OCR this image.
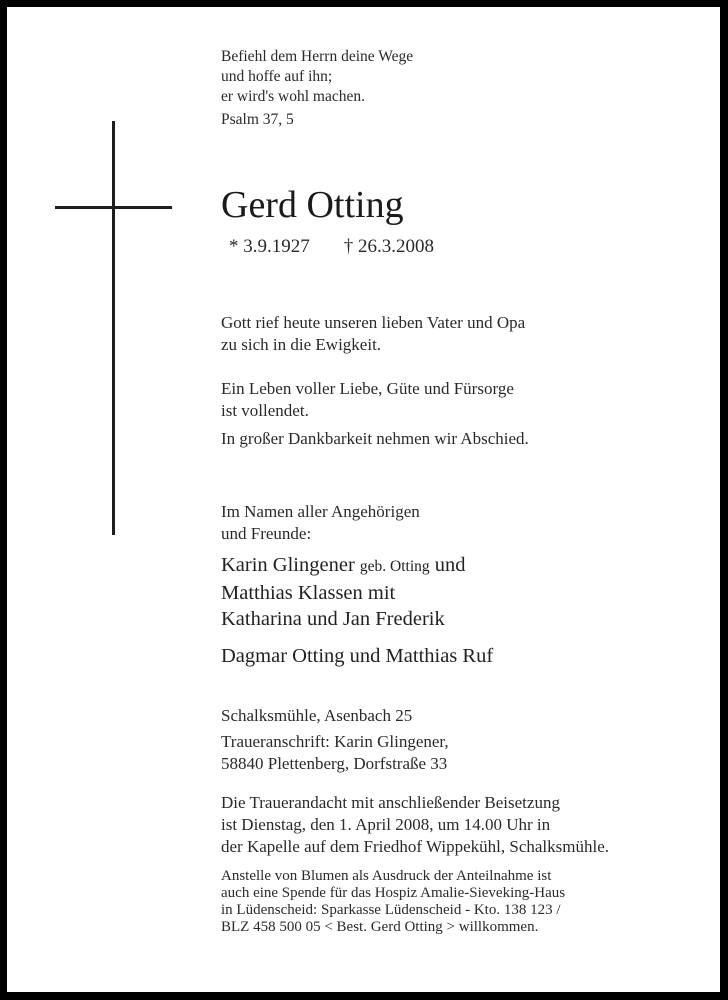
Befiehl dem Herrn deine Wege
und hoffe auf ihn;
er wird's wohl machen.
Psalm 37, 5
Gerd Otting
* 3.9.1927 † 26.3.2008
Gott rief heute unseren lieben Vater und Opa
zu sich in die Ewigkeit.
Ein Leben voller Liebe, Güte und Fürsorge
ist vollendet.
In großer Dankbarkeit nehmen wir Abschied.
Im Namen aller Angehörigen
und Freunde:
Karin Glingener geb. Otting und
Matthias Klassen mit
Katharina und Jan Frederik
Dagmar Otting und Matthias Ruf
Schalksmühle, Asenbach 25
Traueranschrift: Karin Glingener,
58840 Plettenberg, Dorfstraße 33
Die Trauerandacht mit anschließender Beisetzung
ist Dienstag, den 1. April 2008, um 14.00 Uhr in
der Kapelle auf dem Friedhof Wippekühl, Schalksmühle.
Anstelle von Blumen als Ausdruck der Anteilnahme ist
auch eine Spende für das Hospiz Amalie-Sieveking-Haus
in Lüdenscheid: Sparkasse Lüdenscheid - Kto. 138 123 /
BLZ 458 500 05 < Best. Gerd Otting > willkommen.
